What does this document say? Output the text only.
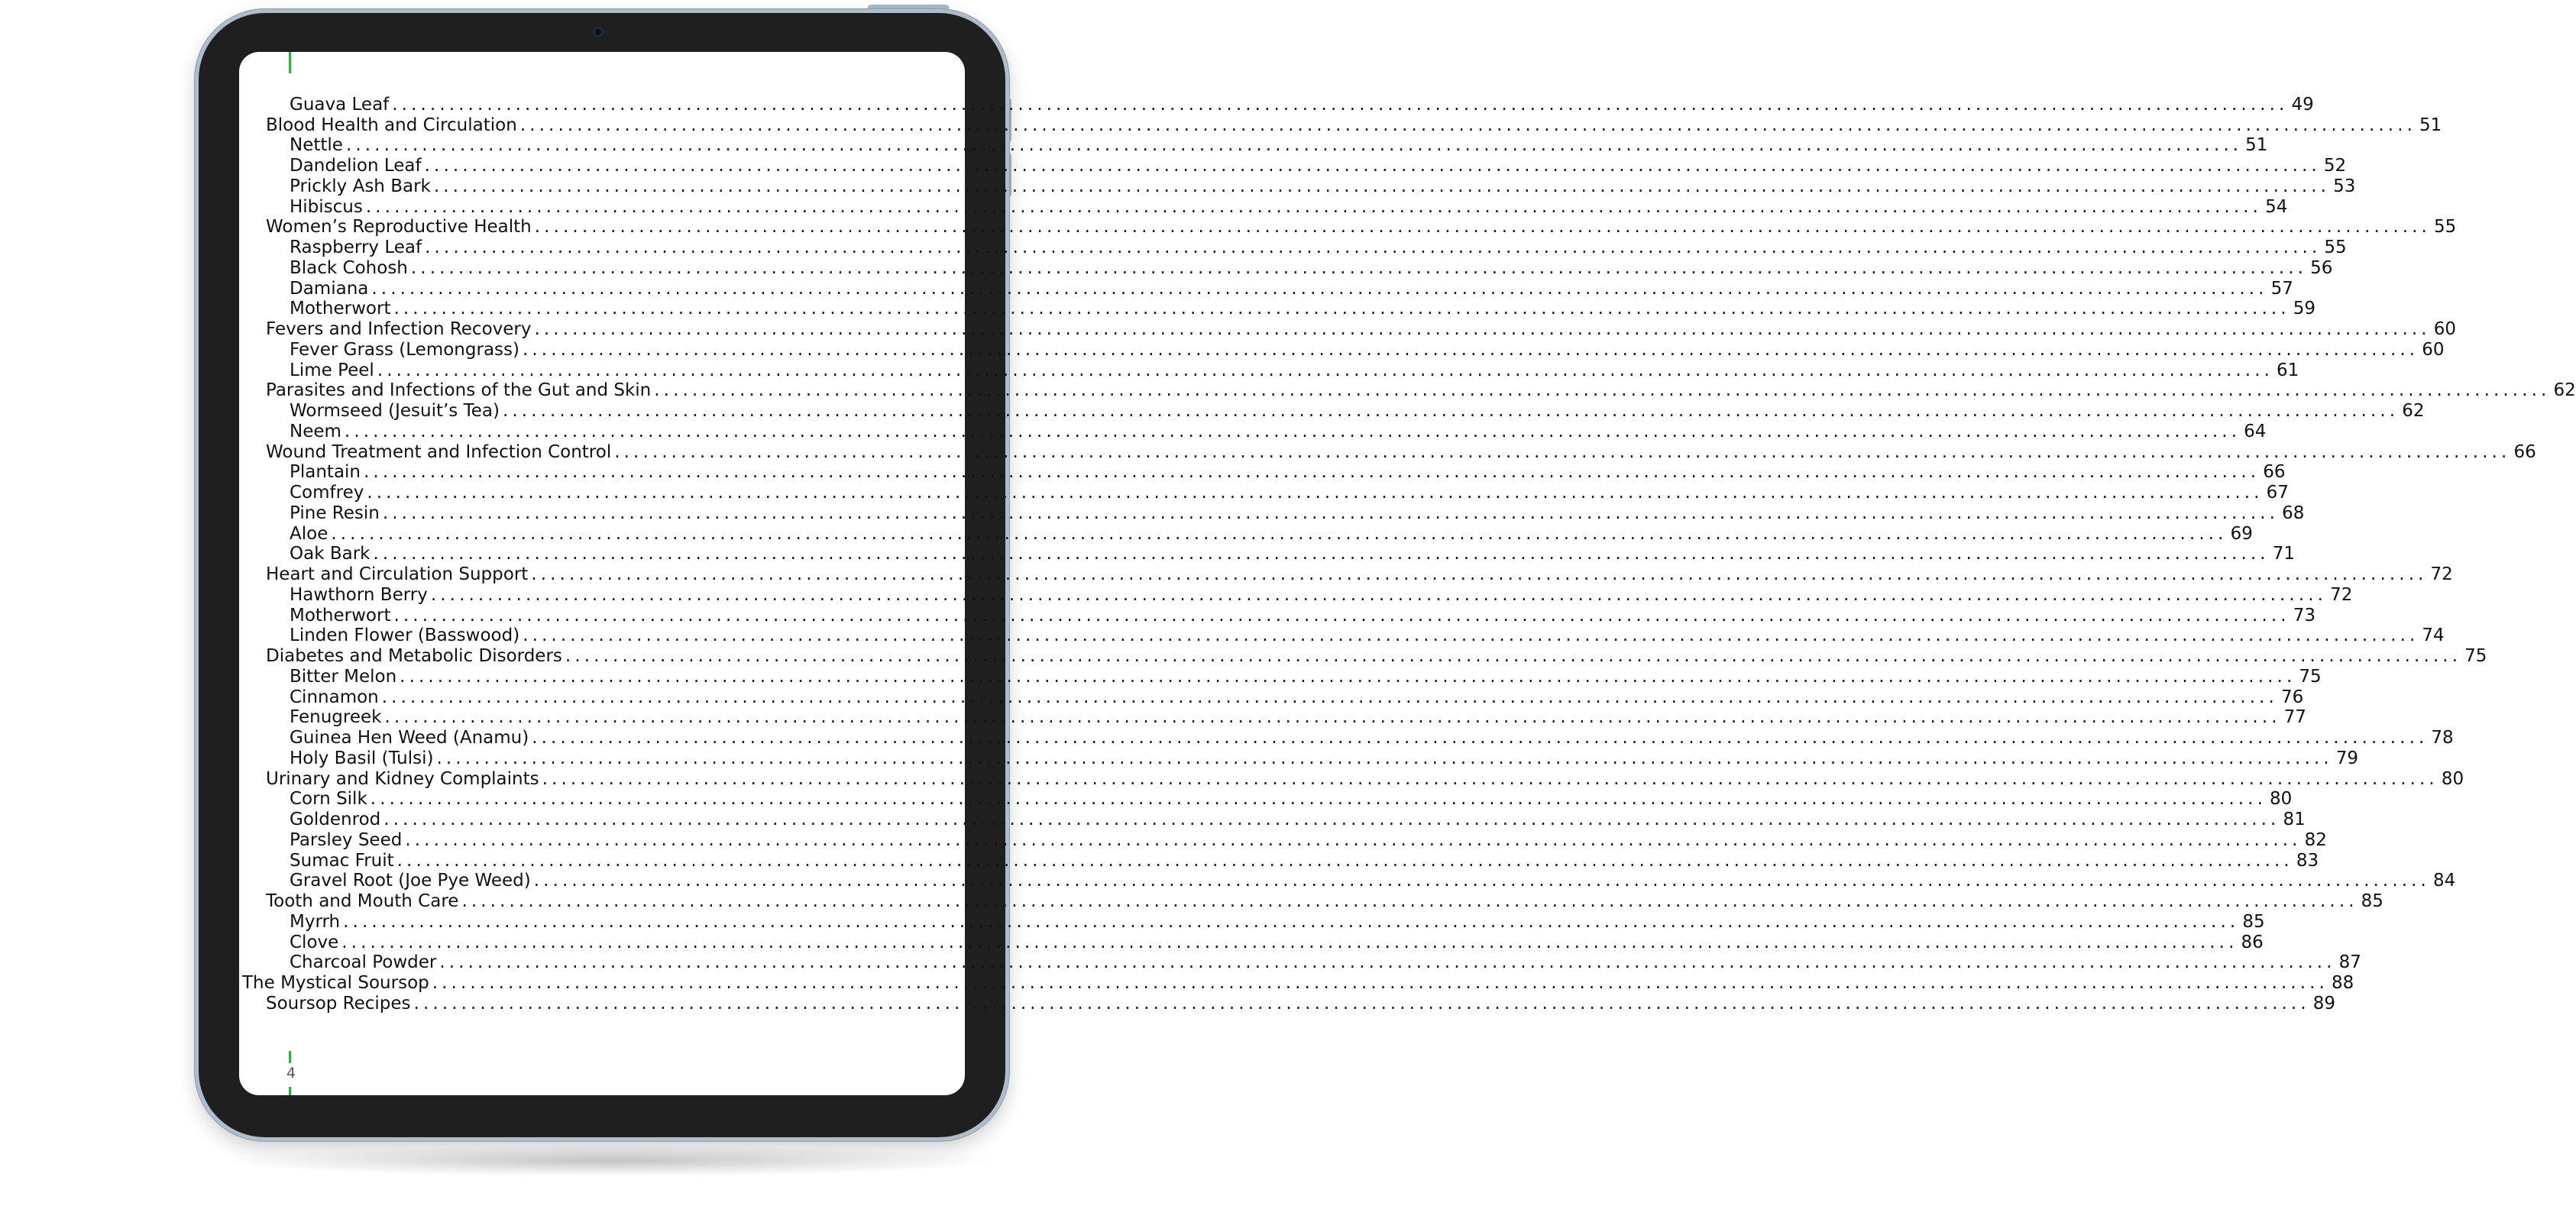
Guava Leaf ........................................................................................................................................................................................................ 49
Blood Health and Circulation ........................................................................................................................................................................................................ 51
Nettle ........................................................................................................................................................................................................ 51
Dandelion Leaf ........................................................................................................................................................................................................ 52
Prickly Ash Bark ........................................................................................................................................................................................................ 53
Hibiscus ........................................................................................................................................................................................................ 54
Women’s Reproductive Health ........................................................................................................................................................................................................ 55
Raspberry Leaf ........................................................................................................................................................................................................ 55
Black Cohosh ........................................................................................................................................................................................................ 56
Damiana ........................................................................................................................................................................................................ 57
Motherwort ........................................................................................................................................................................................................ 59
Fevers and Infection Recovery ........................................................................................................................................................................................................ 60
Fever Grass (Lemongrass) ........................................................................................................................................................................................................ 60
Lime Peel ........................................................................................................................................................................................................ 61
Parasites and Infections of the Gut and Skin ........................................................................................................................................................................................................ 62
Wormseed (Jesuit’s Tea) ........................................................................................................................................................................................................ 62
Neem ........................................................................................................................................................................................................ 64
Wound Treatment and Infection Control ........................................................................................................................................................................................................ 66
Plantain ........................................................................................................................................................................................................ 66
Comfrey ........................................................................................................................................................................................................ 67
Pine Resin ........................................................................................................................................................................................................ 68
Aloe ........................................................................................................................................................................................................ 69
Oak Bark ........................................................................................................................................................................................................ 71
Heart and Circulation Support ........................................................................................................................................................................................................ 72
Hawthorn Berry ........................................................................................................................................................................................................ 72
Motherwort ........................................................................................................................................................................................................ 73
Linden Flower (Basswood) ........................................................................................................................................................................................................ 74
Diabetes and Metabolic Disorders ........................................................................................................................................................................................................ 75
Bitter Melon ........................................................................................................................................................................................................ 75
Cinnamon ........................................................................................................................................................................................................ 76
Fenugreek ........................................................................................................................................................................................................ 77
Guinea Hen Weed (Anamu) ........................................................................................................................................................................................................ 78
Holy Basil (Tulsi) ........................................................................................................................................................................................................ 79
Urinary and Kidney Complaints ........................................................................................................................................................................................................ 80
Corn Silk ........................................................................................................................................................................................................ 80
Goldenrod ........................................................................................................................................................................................................ 81
Parsley Seed ........................................................................................................................................................................................................ 82
Sumac Fruit ........................................................................................................................................................................................................ 83
Gravel Root (Joe Pye Weed) ........................................................................................................................................................................................................ 84
Tooth and Mouth Care ........................................................................................................................................................................................................ 85
Myrrh ........................................................................................................................................................................................................ 85
Clove ........................................................................................................................................................................................................ 86
Charcoal Powder ........................................................................................................................................................................................................ 87
The Mystical Soursop ........................................................................................................................................................................................................ 88
Soursop Recipes ........................................................................................................................................................................................................ 89
4
